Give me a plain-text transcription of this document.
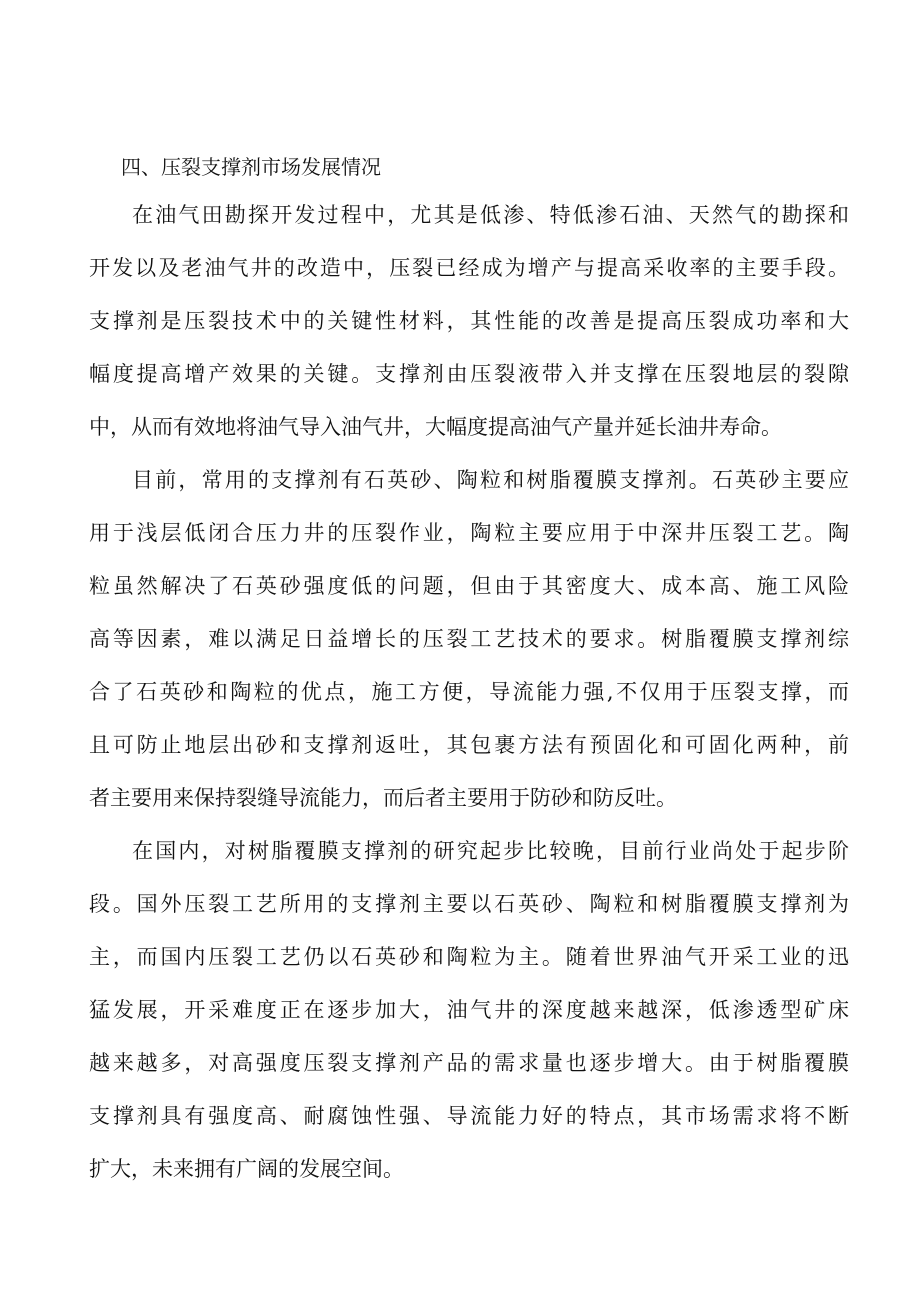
四、压裂支撑剂市场发展情况

在油气田勘探开发过程中，尤其是低渗、特低渗石油、天然气的勘探和

开发以及老油气井的改造中，压裂已经成为增产与提高采收率的主要手段。

支撑剂是压裂技术中的关键性材料，其性能的改善是提高压裂成功率和大

幅度提高增产效果的关键。支撑剂由压裂液带入并支撑在压裂地层的裂隙

中，从而有效地将油气导入油气井，大幅度提高油气产量并延长油井寿命。

目前，常用的支撑剂有石英砂、陶粒和树脂覆膜支撑剂。石英砂主要应

用于浅层低闭合压力井的压裂作业，陶粒主要应用于中深井压裂工艺。陶

粒虽然解决了石英砂强度低的问题，但由于其密度大、成本高、施工风险

高等因素，难以满足日益增长的压裂工艺技术的要求。树脂覆膜支撑剂综

合了石英砂和陶粒的优点，施工方便，导流能力强,不仅用于压裂支撑，而

且可防止地层出砂和支撑剂返吐，其包裹方法有预固化和可固化两种，前

者主要用来保持裂缝导流能力，而后者主要用于防砂和防反吐。

在国内，对树脂覆膜支撑剂的研究起步比较晚，目前行业尚处于起步阶

段。国外压裂工艺所用的支撑剂主要以石英砂、陶粒和树脂覆膜支撑剂为

主，而国内压裂工艺仍以石英砂和陶粒为主。随着世界油气开采工业的迅

猛发展，开采难度正在逐步加大，油气井的深度越来越深，低渗透型矿床

越来越多，对高强度压裂支撑剂产品的需求量也逐步增大。由于树脂覆膜

支撑剂具有强度高、耐腐蚀性强、导流能力好的特点，其市场需求将不断

扩大，未来拥有广阔的发展空间。
